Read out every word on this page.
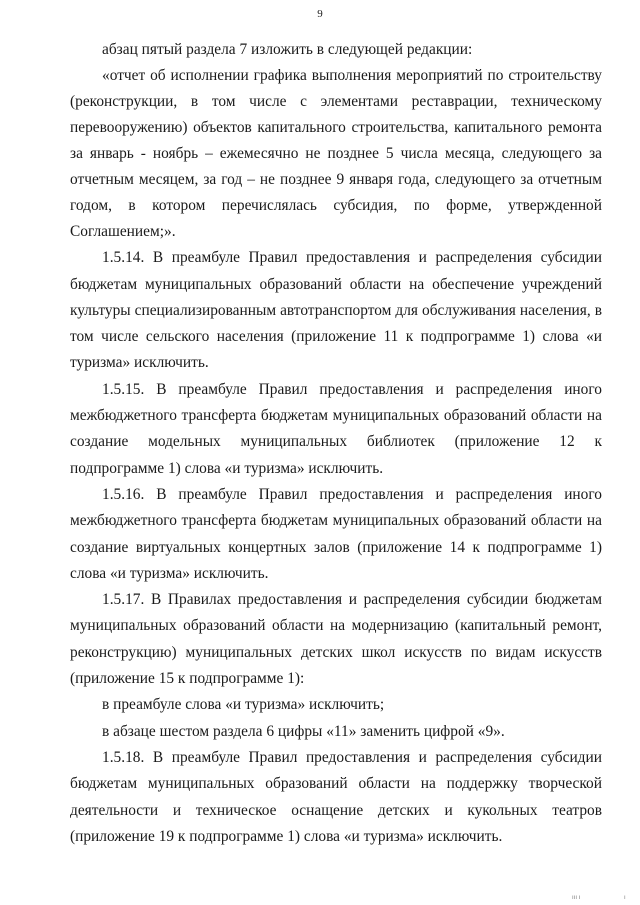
9

абзац пятый раздела 7 изложить в следующей редакции:

«отчет об исполнении графика выполнения мероприятий по строительству (реконструкции, в том числе с элементами реставрации, техническому перевооружению) объектов капитального строительства, капитального ремонта за январь - ноябрь – ежемесячно не позднее 5 числа месяца, следующего за отчетным месяцем, за год – не позднее 9 января года, следующего за отчетным годом, в котором перечислялась субсидия, по форме, утвержденной Соглашением;».

1.5.14. В преамбуле Правил предоставления и распределения субсидии бюджетам муниципальных образований области на обеспечение учреждений культуры специализированным автотранспортом для обслуживания населения, в том числе сельского населения (приложение 11 к подпрограмме 1) слова «и туризма» исключить.

1.5.15. В преамбуле Правил предоставления и распределения иного межбюджетного трансферта бюджетам муниципальных образований области на создание модельных муниципальных библиотек (приложение 12 к подпрограмме 1) слова «и туризма» исключить.

1.5.16. В преамбуле Правил предоставления и распределения иного межбюджетного трансферта бюджетам муниципальных образований области на создание виртуальных концертных залов (приложение 14 к подпрограмме 1) слова «и туризма» исключить.

1.5.17. В Правилах предоставления и распределения субсидии бюджетам муниципальных образований области на модернизацию (капитальный ремонт, реконструкцию) муниципальных детских школ искусств по видам искусств (приложение 15 к подпрограмме 1):

в преамбуле слова «и туризма» исключить;

в абзаце шестом раздела 6 цифры «11» заменить цифрой «9».

1.5.18. В преамбуле Правил предоставления и распределения субсидии бюджетам муниципальных образований области на поддержку творческой деятельности и техническое оснащение детских и кукольных театров (приложение 19 к подпрограмме 1) слова «и туризма» исключить.

ııı ı	ı
